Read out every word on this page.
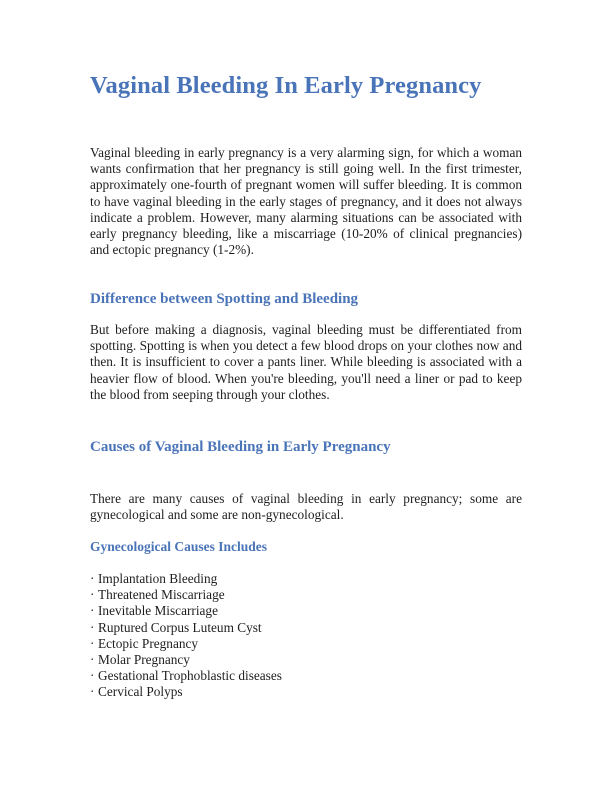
Vaginal Bleeding In Early Pregnancy

Vaginal bleeding in early pregnancy is a very alarming sign, for which a woman wants confirmation that her pregnancy is still going well. In the first trimester, approximately one-fourth of pregnant women will suffer bleeding. It is common to have vaginal bleeding in the early stages of pregnancy, and it does not always indicate a problem. However, many alarming situations can be associated with early pregnancy bleeding, like a miscarriage (10-20% of clinical pregnancies) and ectopic pregnancy (1-2%).

Difference between Spotting and Bleeding

But before making a diagnosis, vaginal bleeding must be differentiated from spotting. Spotting is when you detect a few blood drops on your clothes now and then. It is insufficient to cover a pants liner. While bleeding is associated with a heavier flow of blood. When you're bleeding, you'll need a liner or pad to keep the blood from seeping through your clothes.

Causes of Vaginal Bleeding in Early Pregnancy

There are many causes of vaginal bleeding in early pregnancy; some are gynecological and some are non-gynecological.

Gynecological Causes Includes
· Implantation Bleeding
· Threatened Miscarriage
· Inevitable Miscarriage
· Ruptured Corpus Luteum Cyst
· Ectopic Pregnancy
· Molar Pregnancy
· Gestational Trophoblastic diseases
· Cervical Polyps
